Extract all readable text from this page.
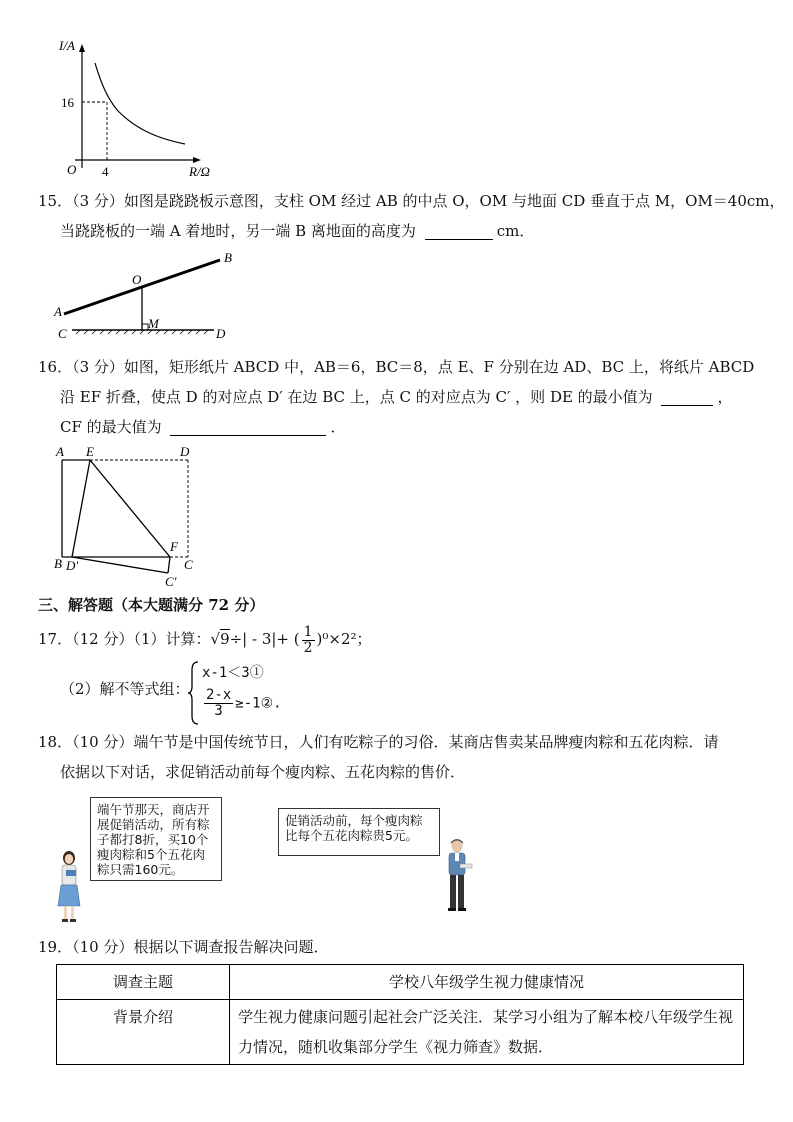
I/A
R/Ω
O
16
4
15．（3 分）如图是跷跷板示意图，支柱 OM 经过 AB 的中点 O，OM 与地面 CD 垂直于点 M，OM＝40cm，
当跷跷板的一端 A 着地时，另一端 B 离地面的高度为	cm．
A
B
O
C
M
D
16．（3 分）如图，矩形纸片 ABCD 中，AB＝6，BC＝8，点 E、F 分别在边 AD、BC 上，将纸片 ABCD
沿 EF 折叠，使点 D 的对应点 D′ 在边 BC 上，点 C 的对应点为 C′ ，则 DE 的最小值为	，
CF 的最大值为	．
A E	D
F
C
B D′
C′
三、解答题（本大题满分 72 分）
17．（12 分）（1）计算：√9÷| - 3|+ ( $\frac{1}{2} )^0\times 2^2$；
（2）解不等式组：
x-1＜3①
$\frac{2-x}{3}$ ≥-1②.
18．（10 分）端午节是中国传统节日，人们有吃粽子的习俗．某商店售卖某品牌瘦肉粽和五花肉粽．请
依据以下对话，求促销活动前每个瘦肉粽、五花肉粽的售价．
端午节那天，商店开展促销活动，所有粽子都打8折，买10个瘦肉粽和5个五花肉粽只需160元。
促销活动前，每个瘦肉粽比每个五花肉粽贵5元。
19．（10 分）根据以下调查报告解决问题．
调查主题	学校八年级学生视力健康情况
背景介绍	学生视力健康问题引起社会广泛关注．某学习小组为了解本校八年级学生视力情况，随机收集部分学生《视力筛查》数据．
